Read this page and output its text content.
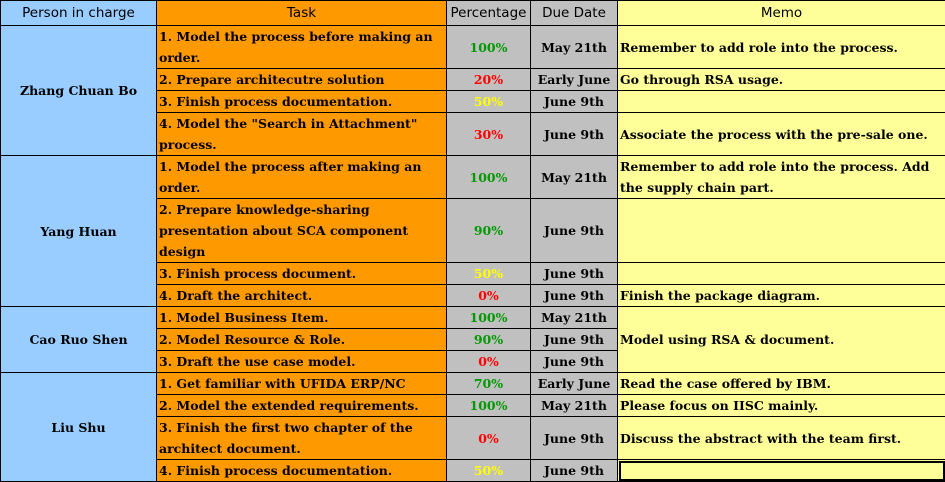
Person in charge	Task	Percentage	Due Date	Memo
Zhang Chuan Bo	1. Model the process before making an order.	100%	May 21th	Remember to add role into the process.
	2. Prepare architecutre solution	20%	Early June	Go through RSA usage.
	3. Finish process documentation.	50%	June 9th	
	4. Model the "Search in Attachment" process.	30%	June 9th	Associate the process with the pre-sale one.
Yang Huan	1. Model the process after making an order.	100%	May 21th	Remember to add role into the process. Add the supply chain part.
	2. Prepare knowledge-sharing presentation about SCA component design	90%	June 9th	
	3. Finish process document.	50%	June 9th	
	4. Draft the architect.	0%	June 9th	Finish the package diagram.
Cao Ruo Shen	1. Model Business Item.	100%	May 21th	Model using RSA & document.
	2. Model Resource & Role.	90%	June 9th	
	3. Draft the use case model.	0%	June 9th	
Liu Shu	1. Get familiar with UFIDA ERP/NC	70%	Early June	Read the case offered by IBM.
	2. Model the extended requirements.	100%	May 21th	Please focus on IISC mainly.
	3. Finish the first two chapter of the architect document.	0%	June 9th	Discuss the abstract with the team first.
	4. Finish process documentation.	50%	June 9th	
